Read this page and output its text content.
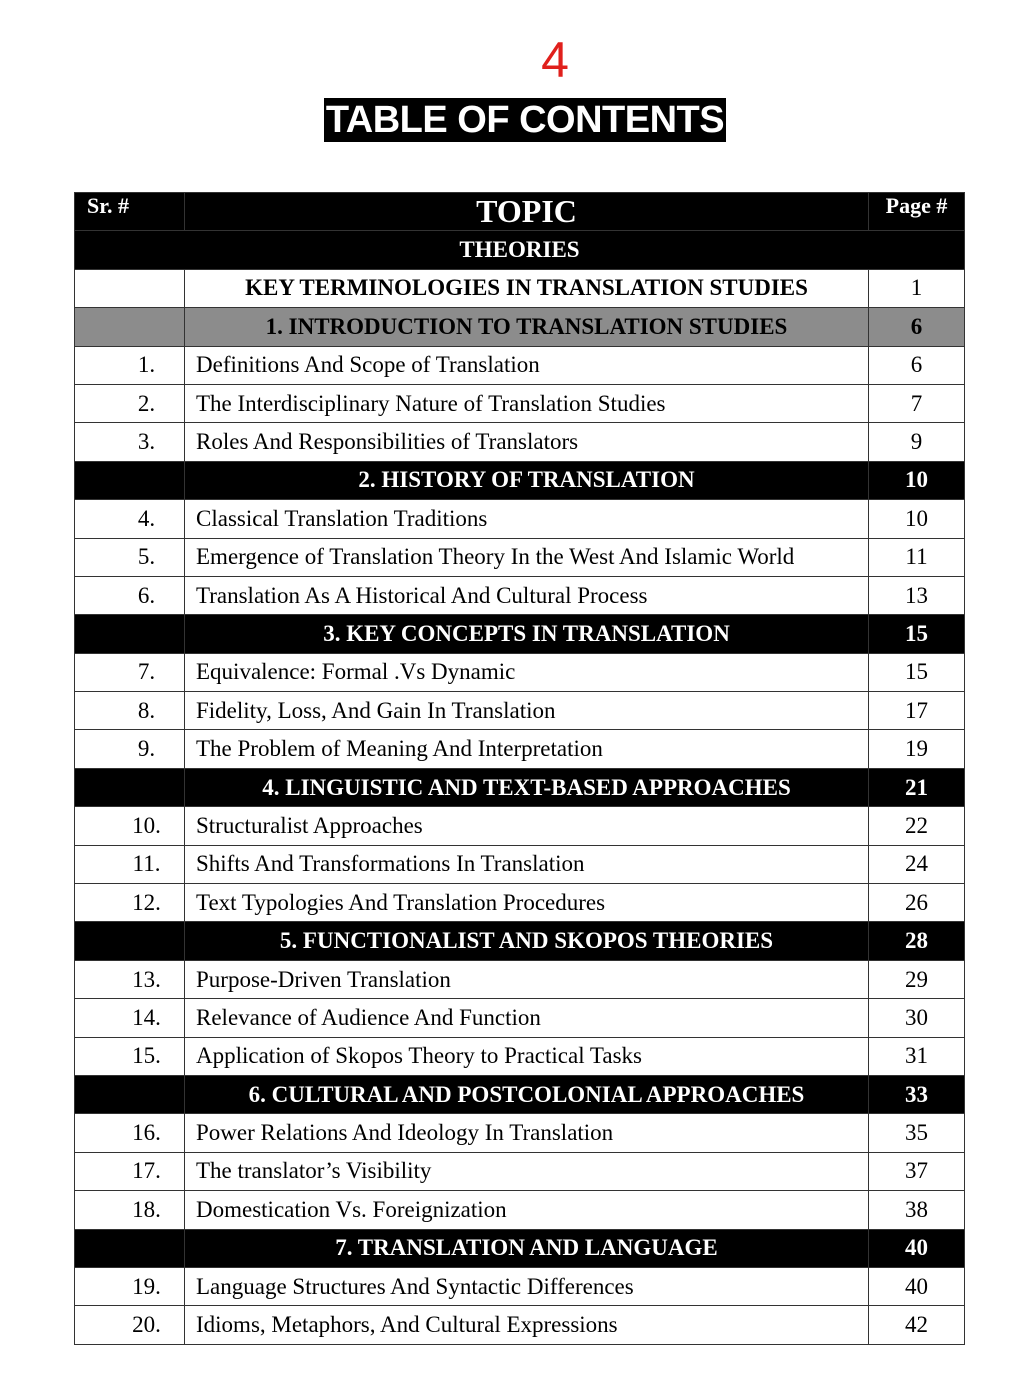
4
TABLE OF CONTENTS
Sr. #	TOPIC	Page #
THEORIES		
	KEY TERMINOLOGIES IN TRANSLATION STUDIES	1
	1. INTRODUCTION TO TRANSLATION STUDIES	6
1.	Definitions And Scope of Translation	6
2.	The Interdisciplinary Nature of Translation Studies	7
3.	Roles And Responsibilities of Translators	9
	2. HISTORY OF TRANSLATION	10
4.	Classical Translation Traditions	10
5.	Emergence of Translation Theory In the West And Islamic World	11
6.	Translation As A Historical And Cultural Process	13
	3. KEY CONCEPTS IN TRANSLATION	15
7.	Equivalence: Formal .Vs Dynamic	15
8.	Fidelity, Loss, And Gain In Translation	17
9.	The Problem of Meaning And Interpretation	19
	4. LINGUISTIC AND TEXT-BASED APPROACHES	21
10.	Structuralist Approaches	22
11.	Shifts And Transformations In Translation	24
12.	Text Typologies And Translation Procedures	26
	5. FUNCTIONALIST AND SKOPOS THEORIES	28
13.	Purpose-Driven Translation	29
14.	Relevance of Audience And Function	30
15.	Application of Skopos Theory to Practical Tasks	31
	6. CULTURAL AND POSTCOLONIAL APPROACHES	33
16.	Power Relations And Ideology In Translation	35
17.	The translator’s Visibility	37
18.	Domestication Vs. Foreignization	38
	7. TRANSLATION AND LANGUAGE	40
19.	Language Structures And Syntactic Differences	40
20.	Idioms, Metaphors, And Cultural Expressions	42
